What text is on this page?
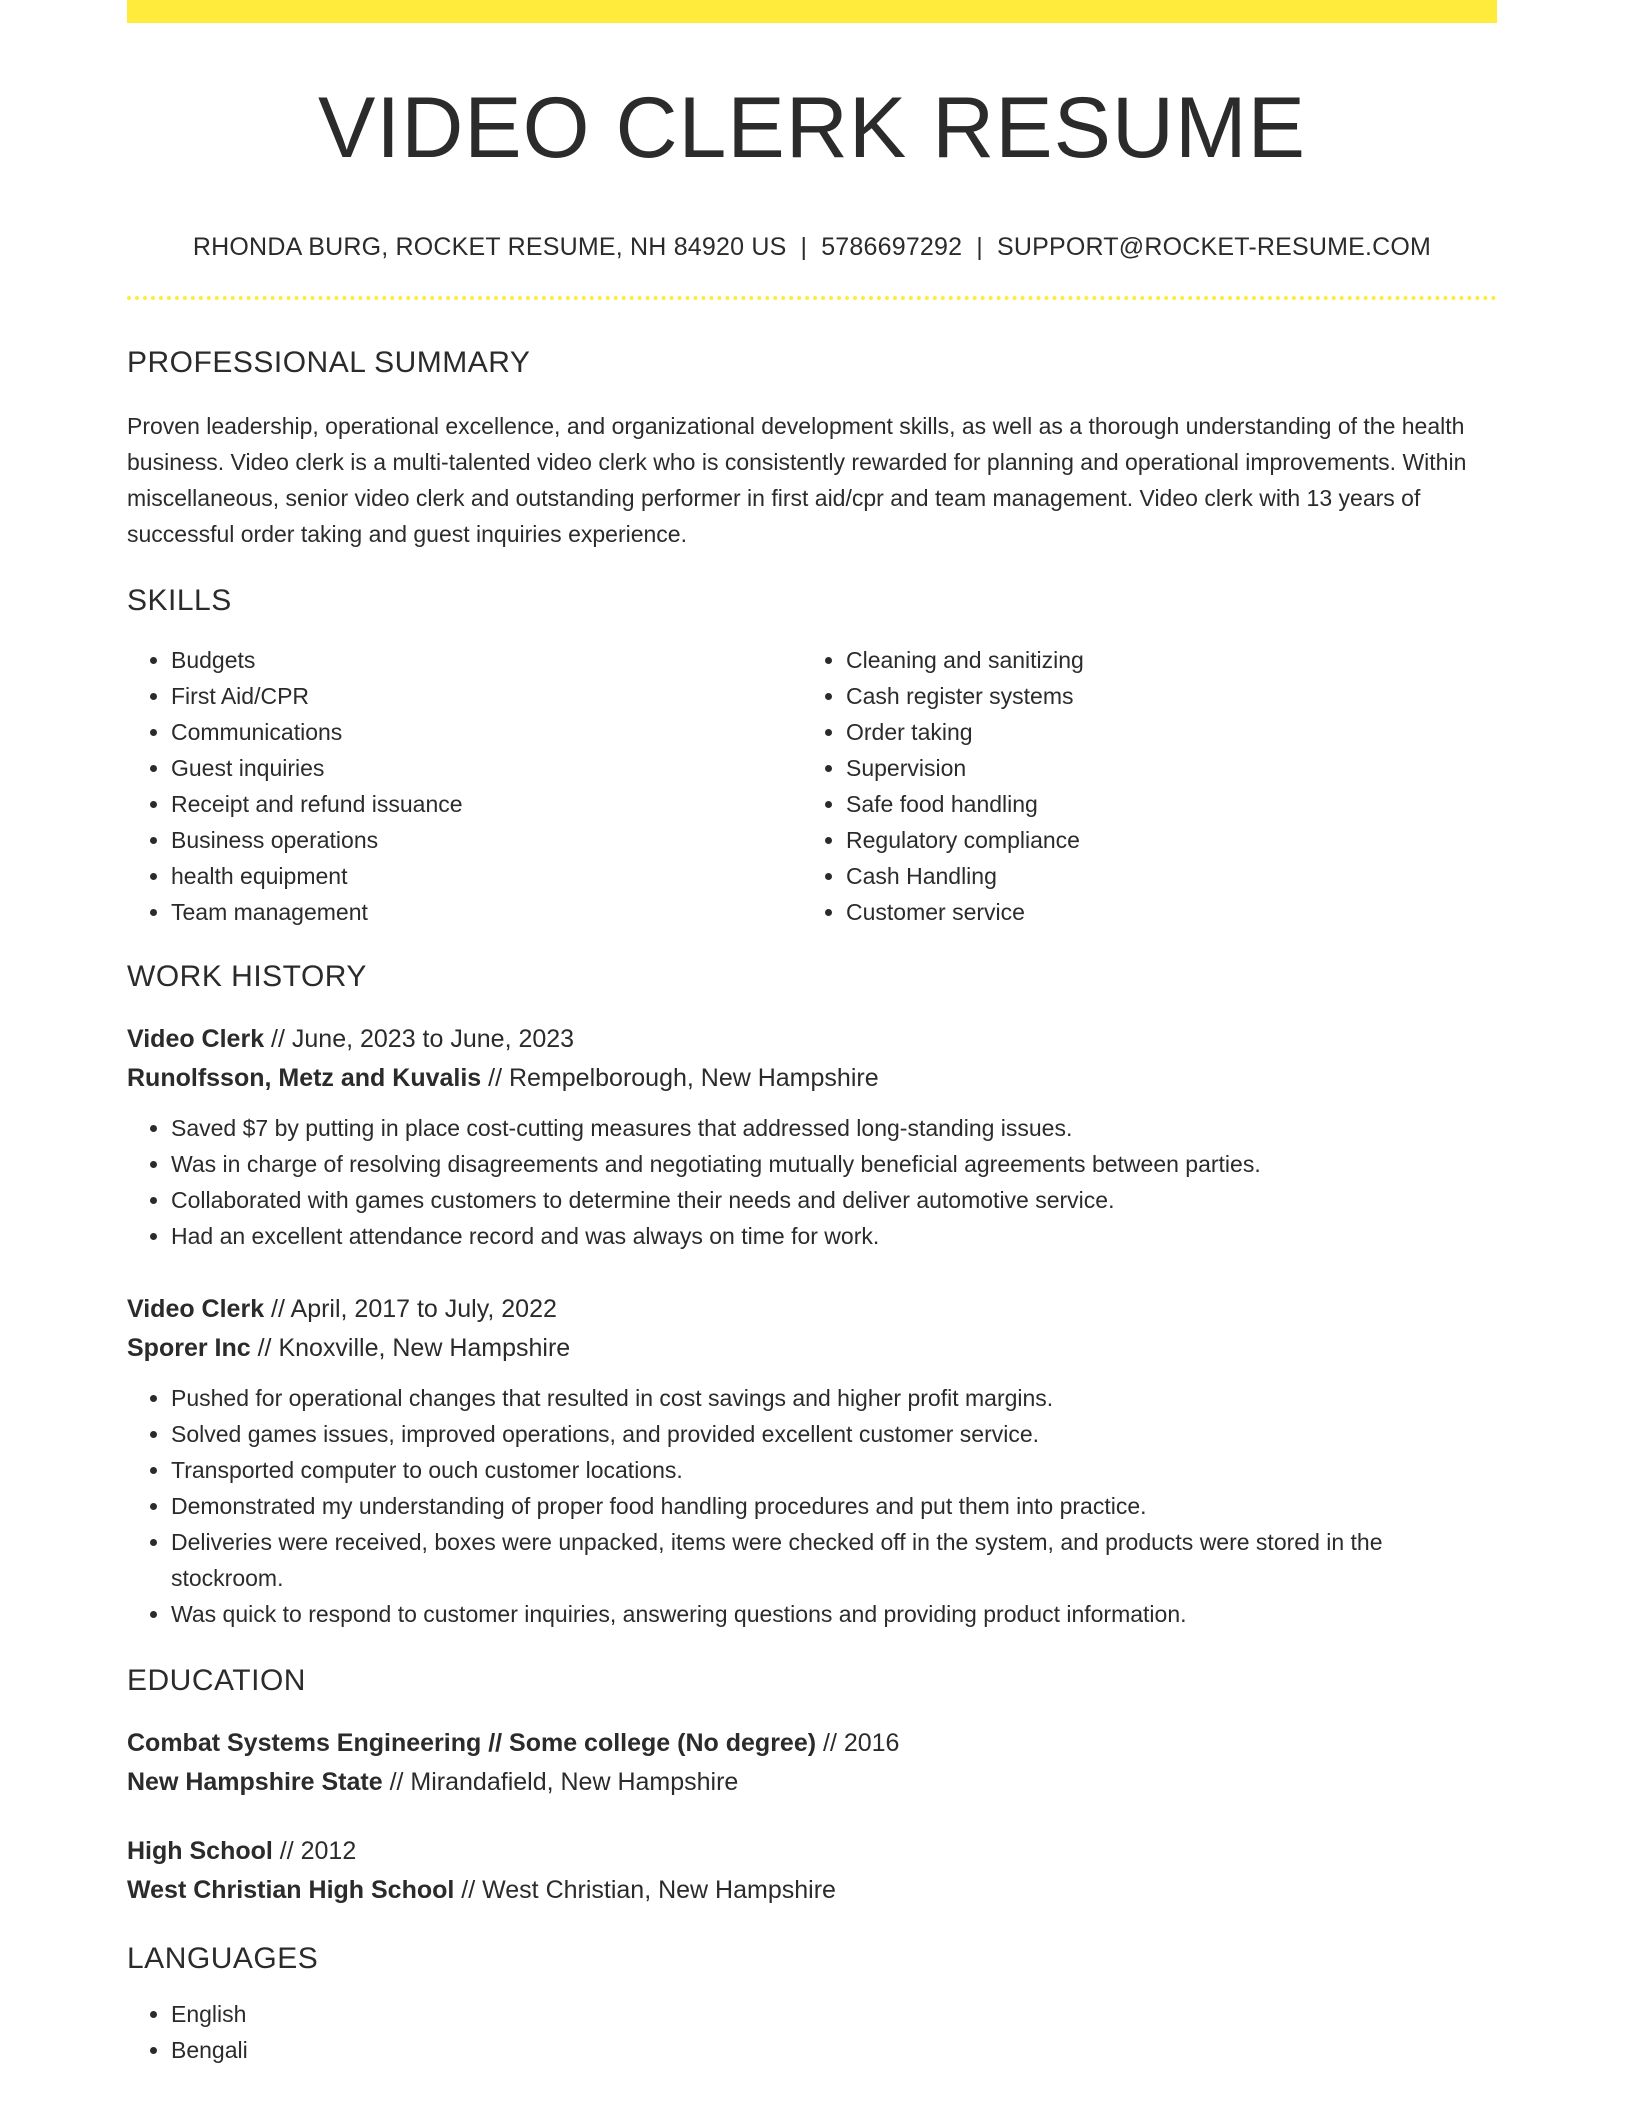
VIDEO CLERK RESUME
RHONDA BURG, ROCKET RESUME, NH 84920 US | 5786697292 | SUPPORT@ROCKET-RESUME.COM
PROFESSIONAL SUMMARY

Proven leadership, operational excellence, and organizational development skills, as well as a thorough understanding of the health business. Video clerk is a multi-talented video clerk who is consistently rewarded for planning and operational improvements. Within miscellaneous, senior video clerk and outstanding performer in first aid/cpr and team management. Video clerk with 13 years of successful order taking and guest inquiries experience.

SKILLS
• Budgets
• First Aid/CPR
• Communications
• Guest inquiries
• Receipt and refund issuance
• Business operations
• health equipment
• Team management
• Cleaning and sanitizing
• Cash register systems
• Order taking
• Supervision
• Safe food handling
• Regulatory compliance
• Cash Handling
• Customer service
WORK HISTORY
Video Clerk // June, 2023 to June, 2023
Runolfsson, Metz and Kuvalis // Rempelborough, New Hampshire
• Saved $7 by putting in place cost-cutting measures that addressed long-standing issues.
• Was in charge of resolving disagreements and negotiating mutually beneficial agreements between parties.
• Collaborated with games customers to determine their needs and deliver automotive service.
• Had an excellent attendance record and was always on time for work.
Video Clerk // April, 2017 to July, 2022
Sporer Inc // Knoxville, New Hampshire
• Pushed for operational changes that resulted in cost savings and higher profit margins.
• Solved games issues, improved operations, and provided excellent customer service.
• Transported computer to ouch customer locations.
• Demonstrated my understanding of proper food handling procedures and put them into practice.
• Deliveries were received, boxes were unpacked, items were checked off in the system, and products were stored in the stockroom.
• Was quick to respond to customer inquiries, answering questions and providing product information.
EDUCATION
Combat Systems Engineering // Some college (No degree) // 2016
New Hampshire State // Mirandafield, New Hampshire
High School // 2012
West Christian High School // West Christian, New Hampshire
LANGUAGES
• English
• Bengali
